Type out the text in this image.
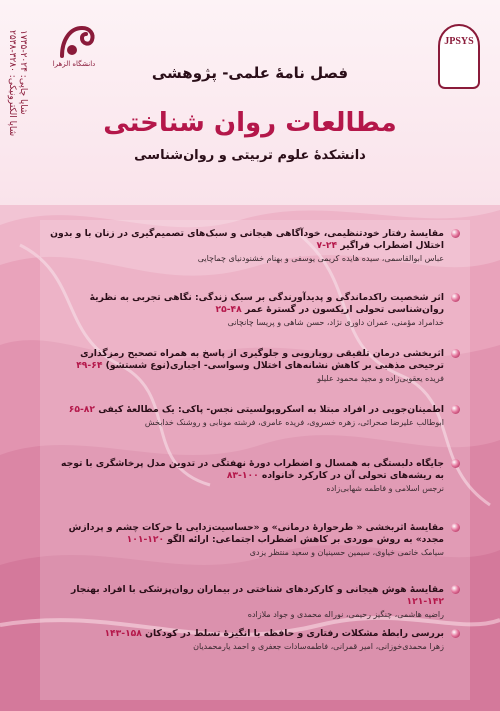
JPSYS
دانشگاه الزهرا
شاپا چاپی: ۲۰۲۴-۱۷۳۵
شاپا الکترونیکی: ۳۲۸۰-۲۵۳۸	فصل نامهٔ علمی- پژوهشی
مطالعات روان شناختی
دانشکدهٔ علوم تربیتی و روان‌شناسی
مقایسهٔ رفتار خودتنظیمی، خودآگاهی هیجانی و سبک‌های تصمیم‌گیری در زنان با و بدون اختلال اضطراب فراگیر ۷-۲۴
عباس ابوالقاسمی، سیده هایده کریمی یوسفی و بهنام خشنودنیای چماچایی
اثر شخصیت راکدماندگی و پدیدآورندگی بر سبک زندگی: نگاهی تجربی به نظریهٔ روان‌شناسی تحولی اریکسون در گسترهٔ عمر ۲۵-۴۸
خدامراد مؤمنی، عمران داوری نژاد، حسن شاهی و پریسا چانچانی
اثربخشی درمان تلفیقی رویارویی و جلوگیری از پاسخ به همراه تصحیح رمزگذاری ترجیحی مذهبی بر کاهش نشانه‌های اختلال وسواسی- اجباری(نوع شستشو) ۴۹-۶۴
فریده یعقوبی‌زاده و مجید محمود علیلو
اطمینان‌جویی در افراد مبتلا به اسکروپولسیتی نجس- پاکی: یک مطالعهٔ کیفی ۶۵-۸۲
ابوطالب علیرضا صحرائی، زهره خسروی، فریده عامری، فرشته مونابی و روشنک خدابخش
جایگاه دلبستگی به همسال و اضطراب دورهٔ نهفتگی در تدوین مدل پرخاشگری با توجه به ریشه‌های تحولی آن در کارکرد خانواده ۸۳-۱۰۰
نرجس اسلامی و فاطمه شهابی‌زاده
مقایسهٔ اثربخشی « طرحوارهٔ درمانی» و «حساسیت‌زدایی با حرکات چشم و پردازش مجدد» به روش موردی بر کاهش اضطراب اجتماعی: ارائه الگو ۱۰۱-۱۲۰
سیامک خاتمی خیاوی، سیمین حسینیان و سعید منتظر یزدی
مقایسهٔ هوش هیجانی و کارکردهای شناختی در بیماران روان‌پزشکی با افراد بهنجار ۱۲۱-۱۴۲
راضیه هاشمی، چنگیز رحیمی، نوراله محمدی و جواد ملازاده
بررسی رابطهٔ مشکلات رفتاری و حافظه با انگیزهٔ تسلط در کودکان ۱۴۳-۱۵۸
زهرا محمدی‌خوزانی، امیر قمرانی، فاطمه‌سادات جعفری و احمد یارمحمدیان
